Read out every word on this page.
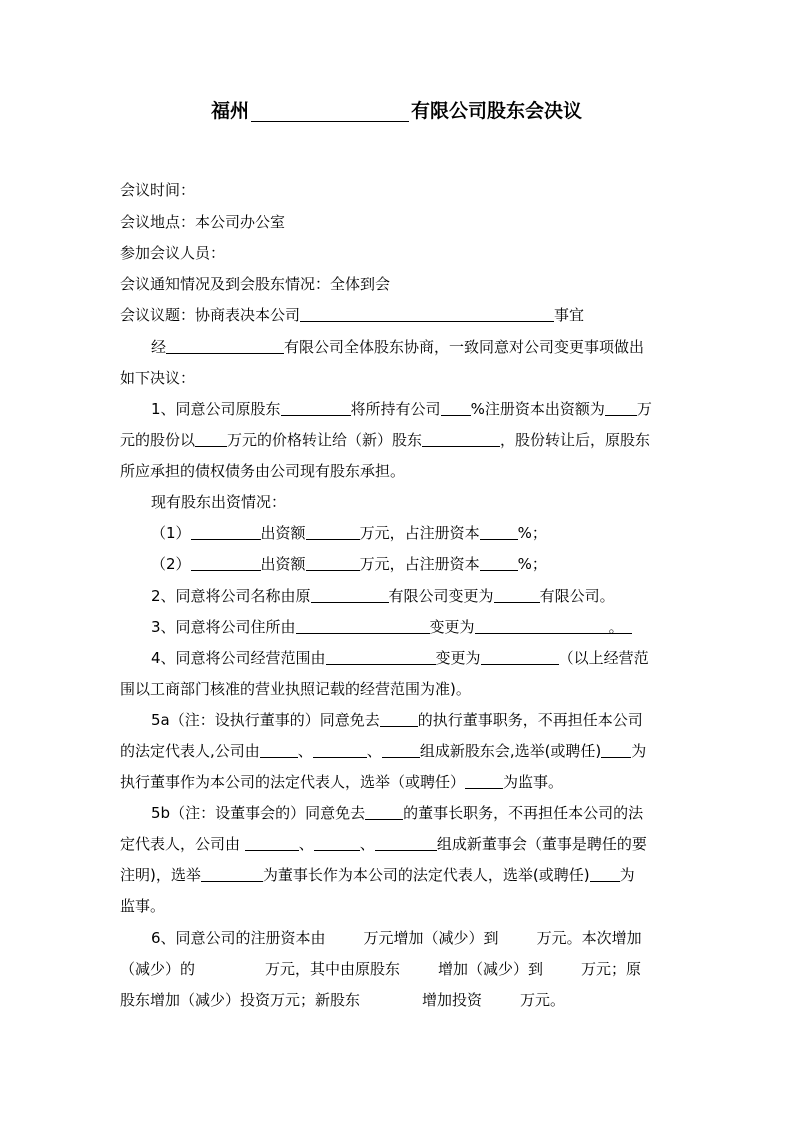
福州	有限公司股东会决议
会议时间：
会议地点：本公司办公室
参加会议人员：
会议通知情况及到会股东情况：全体到会
会议议题：协商表决本公司	事宜
经	有限公司全体股东协商，一致同意对公司变更事项做出
如下决议：
1、同意公司原股东	将所持有公司 %注册资本出资额为 万
元的股份以 万元的价格转让给（新）股东	，股份转让后，原股东
所应承担的债权债务由公司现有股东承担。
现有股东出资情况：
（1）	出资额	万元，占注册资本	%；
（2）	出资额	万元，占注册资本	%；
2、同意将公司名称由原	有限公司变更为	有限公司。
3、同意将公司住所由	变更为	。
4、同意将公司经营范围由	变更为	（以上经营范
围以工商部门核准的营业执照记载的经营范围为准)。
5a（注：设执行董事的）同意免去	的执行董事职务，不再担任本公司
的法定代表人,公司由	、	、	组成新股东会,选举(或聘任) 为
执行董事作为本公司的法定代表人，选举（或聘任）	为监事。
5b（注：设董事会的）同意免去	的董事长职务，不再担任本公司的法
定代表人，公司由	、	、	组成新董事会（董事是聘任的要
注明)，选举	为董事长作为本公司的法定代表人，选举(或聘任) 为
监事。
6、同意公司的注册资本由	万元增加（减少）到	万元。本次增加
（减少）的	万元，其中由原股东	增加（减少）到	万元；原
股东增加（减少）投资万元；新股东	增加投资	万元。
